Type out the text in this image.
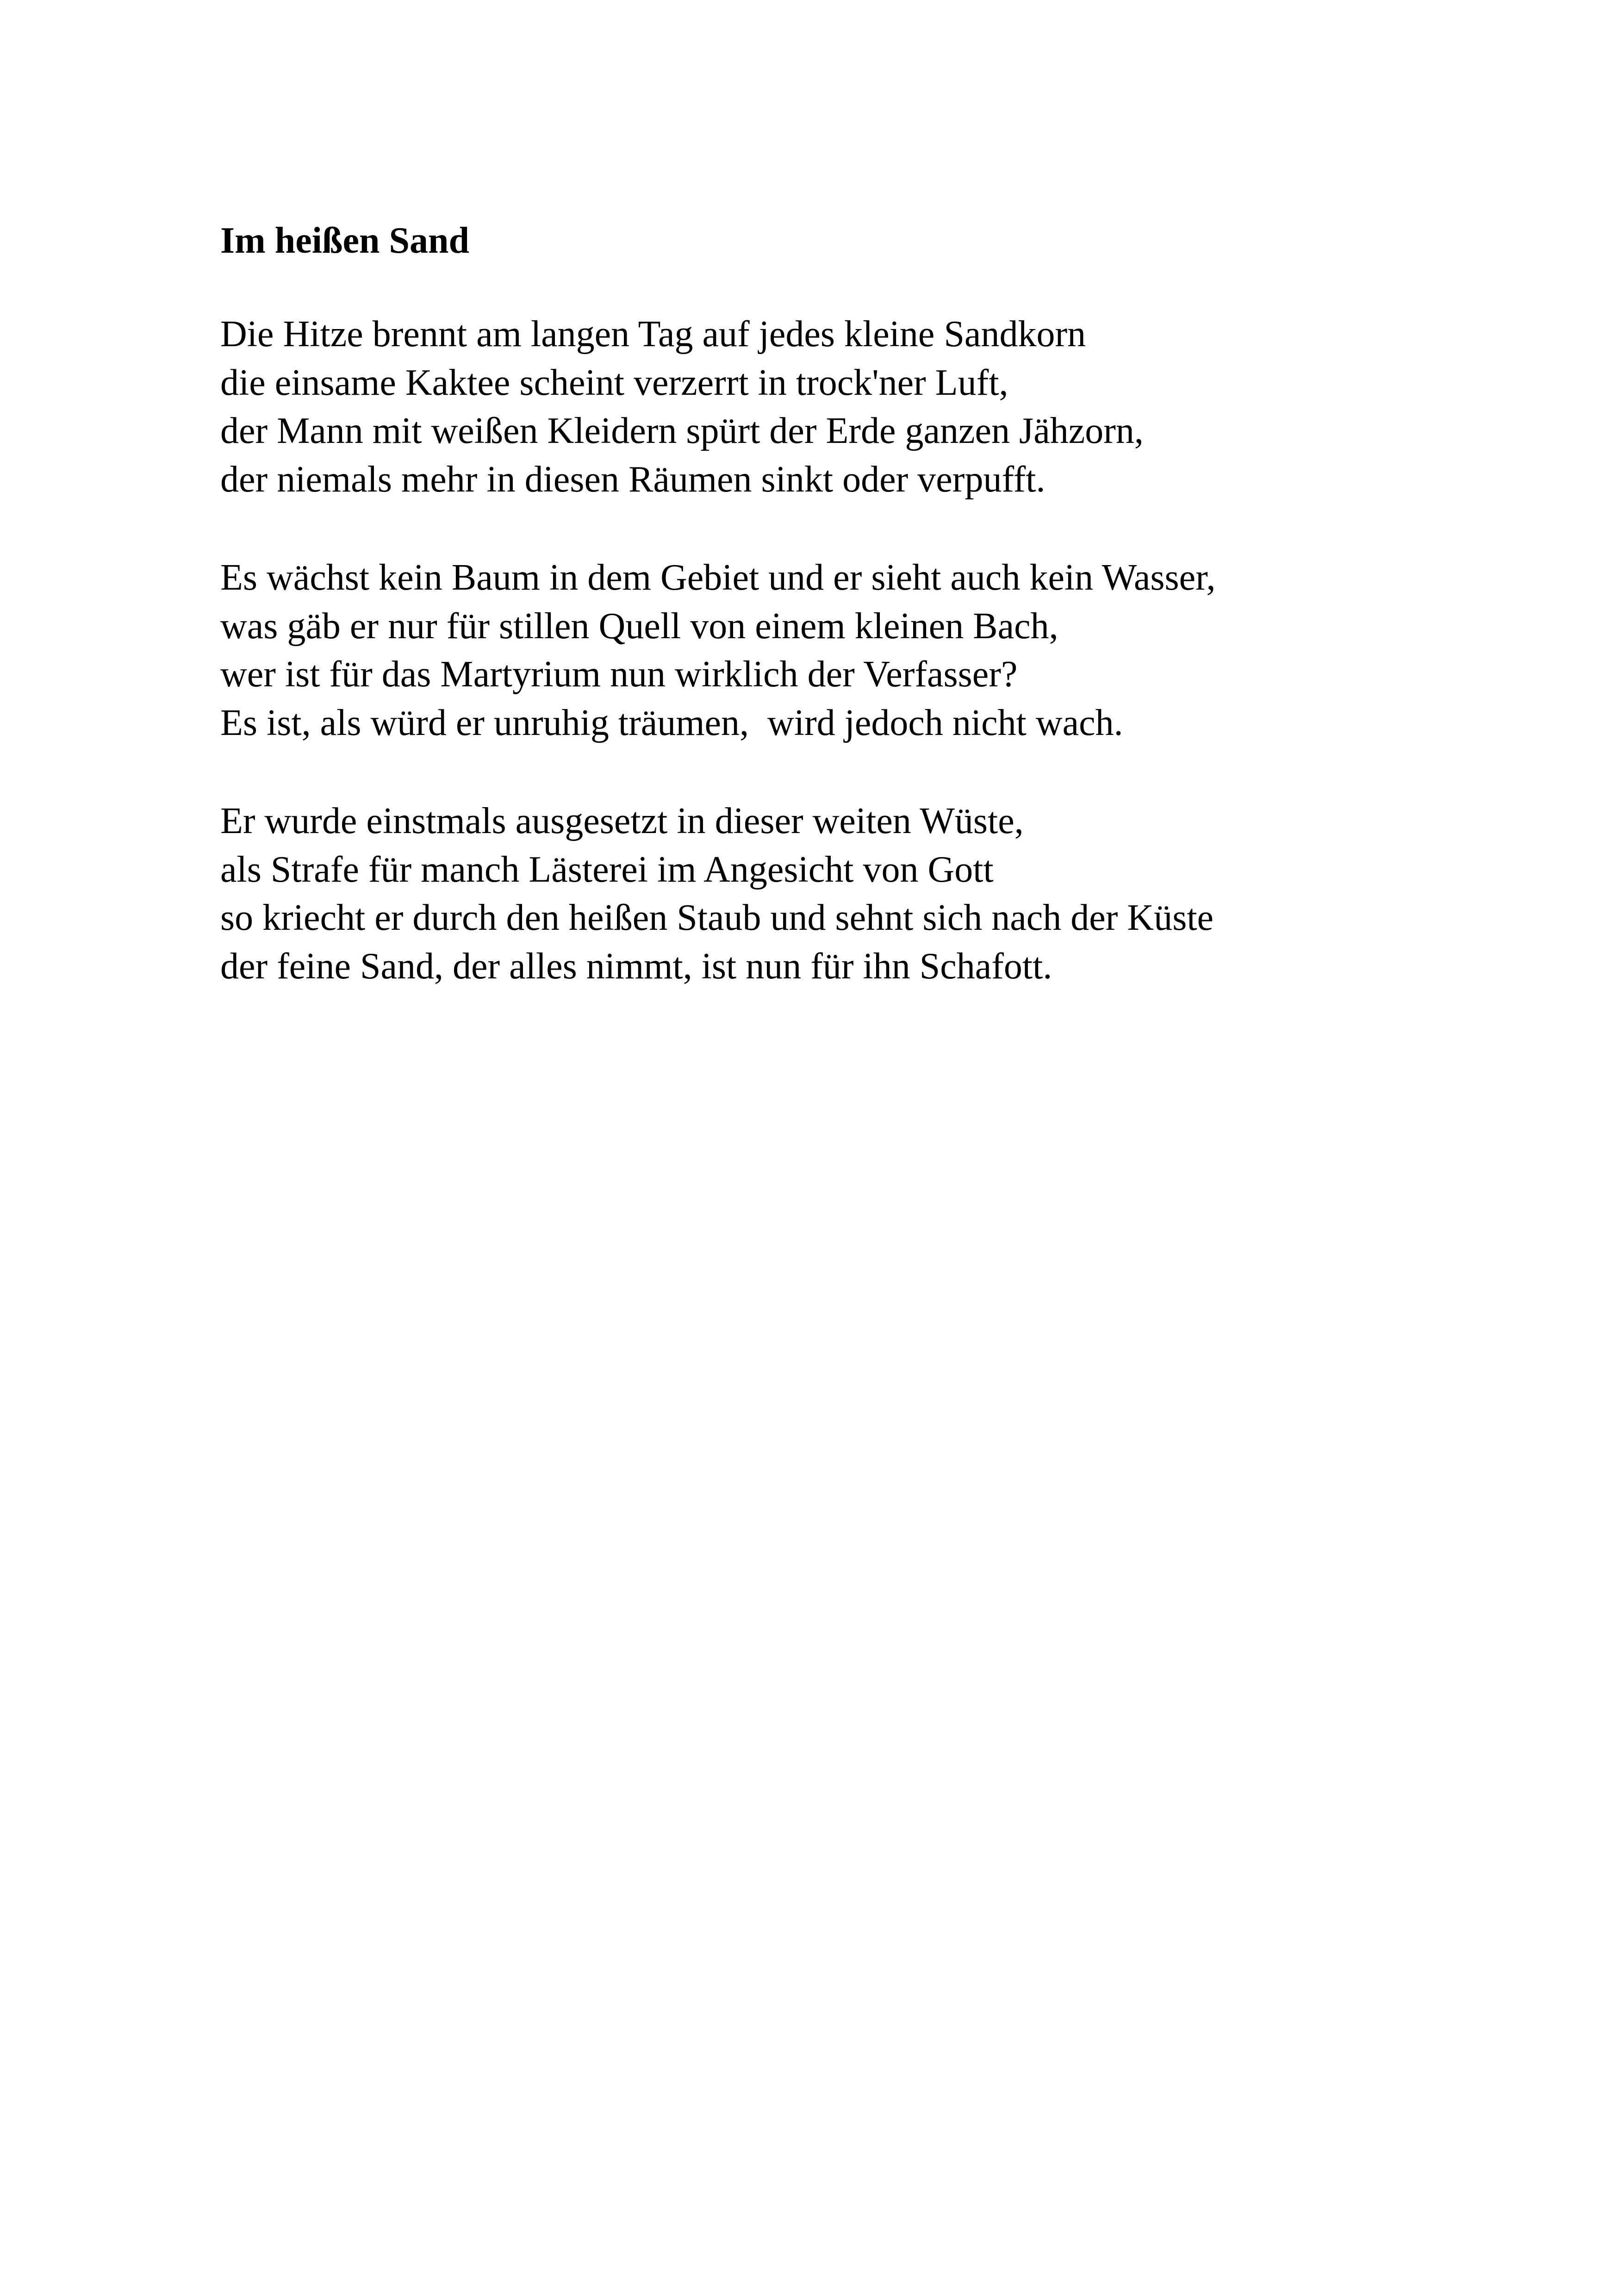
Im heißen Sand
Die Hitze brennt am langen Tag auf jedes kleine Sandkorn
die einsame Kaktee scheint verzerrt in trock'ner Luft,
der Mann mit weißen Kleidern spürt der Erde ganzen Jähzorn,
der niemals mehr in diesen Räumen sinkt oder verpufft.
Es wächst kein Baum in dem Gebiet und er sieht auch kein Wasser,
was gäb er nur für stillen Quell von einem kleinen Bach,
wer ist für das Martyrium nun wirklich der Verfasser?
Es ist, als würd er unruhig träumen,  wird jedoch nicht wach.
Er wurde einstmals ausgesetzt in dieser weiten Wüste,
als Strafe für manch Lästerei im Angesicht von Gott
so kriecht er durch den heißen Staub und sehnt sich nach der Küste
der feine Sand, der alles nimmt, ist nun für ihn Schafott.
